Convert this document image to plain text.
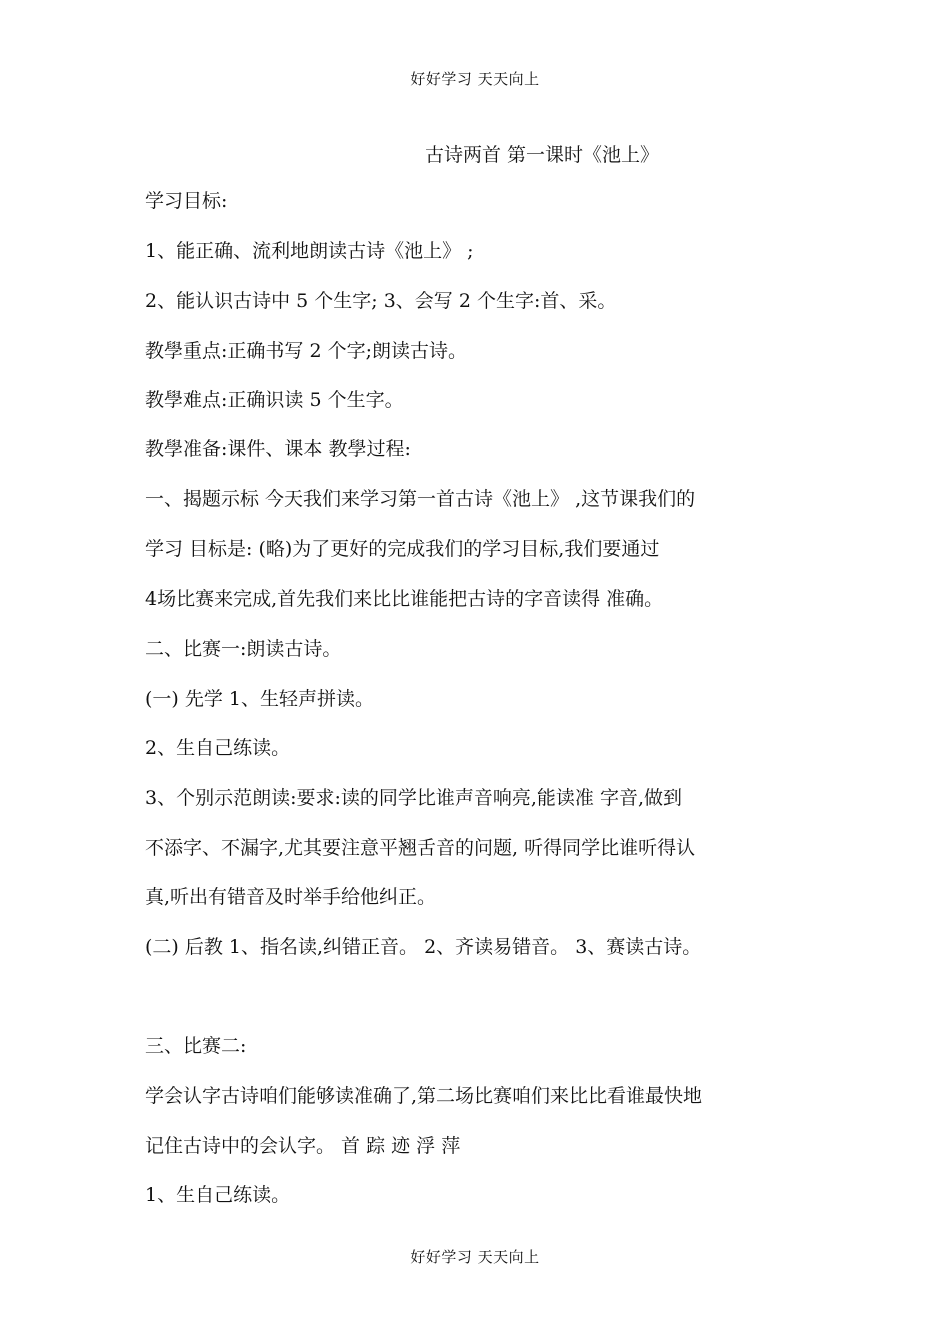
好好学习 天天向上
古诗两首 第一课时《池上》
学习目标:
1、能正确、流利地朗读古诗《池上》 ;
2、能认识古诗中 5 个生字; 3、会写 2 个生字:首、采。
教學重点:正确书写 2 个字;朗读古诗。
教學难点:正确识读 5 个生字。
教學准备:课件、课本 教學过程:
一、揭题示标 今天我们来学习第一首古诗《池上》 ,这节课我们的
学习 目标是: (略)为了更好的完成我们的学习目标,我们要通过
4场比赛来完成,首先我们来比比谁能把古诗的字音读得 准确。
二、比赛一:朗读古诗。
(一) 先学 1、生轻声拼读。
2、生自己练读。
3、个别示范朗读:要求:读的同学比谁声音响亮,能读准 字音,做到
不添字、不漏字,尤其要注意平翘舌音的问题, 听得同学比谁听得认
真,听出有错音及时举手给他纠正。
(二) 后教 1、指名读,纠错正音。 2、齐读易错音。 3、赛读古诗。
三、比赛二:
学会认字古诗咱们能够读准确了,第二场比赛咱们来比比看谁最快地
记住古诗中的会认字。 首 踪 迹 浮 萍
1、生自己练读。
好好学习 天天向上
